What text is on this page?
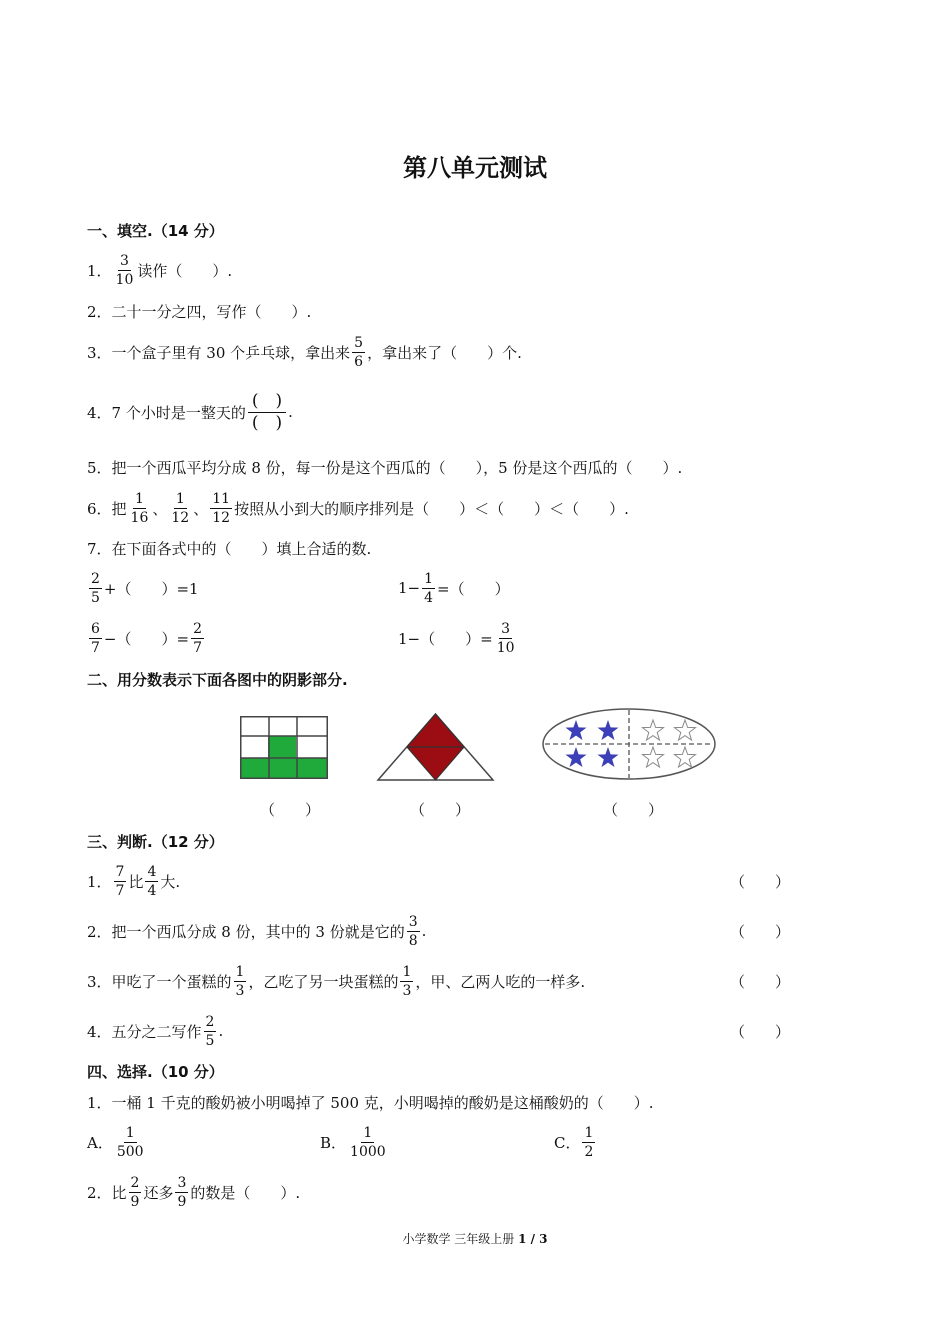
第八单元测试
一、填空.（14 分）
1． $\frac{3}{10}$ 读作（　　）.
2．二十一分之四，写作（　　）.
3．一个盒子里有 30 个乒乓球，拿出来 $\frac{5}{6}$ ，拿出来了（　　）个.
4．7 个小时是一整天的 $\frac{( )}{( )}$ .
5．把一个西瓜平均分成 8 份，每一份是这个西瓜的（　　），5 份是这个西瓜的（　　）.
6．把 $\frac{1}{16}$ 、 $\frac{1}{12}$ 、 $\frac{11}{12}$ 按照从小到大的顺序排列是（　　）＜（　　）＜（　　）.
7．在下面各式中的（　　）填上合适的数.
$\frac{2}{5}$ +（　　）=1	$1- \frac{1}{4}$ =（　　）
$\frac{6}{7}$ −（　　）= $\frac{2}{7}$	1−（　　）= $\frac{3}{10}$
二、用分数表示下面各图中的阴影部分.
（　　）	（　　）	（　　）
三、判断.（12 分）
1． $\frac{7}{7}$ 比 $\frac{4}{4}$ 大.	（　　）
2．把一个西瓜分成 8 份，其中的 3 份就是它的 $\frac{3}{8}$ .	（　　）
3．甲吃了一个蛋糕的 $\frac{1}{3}$ ，乙吃了另一块蛋糕的 $\frac{1}{3}$ ，甲、乙两人吃的一样多.	（　　）
4．五分之二写作 $\frac{2}{5}$ .	（　　）
四、选择.（10 分）
1．一桶 1 千克的酸奶被小明喝掉了 500 克，小明喝掉的酸奶是这桶酸奶的（　　）.
A． $\frac{1}{500}$	B． $\frac{1}{1000}$	C． $\frac{1}{2}$
2．比 $\frac{2}{9}$ 还多 $\frac{3}{9}$ 的数是（　　）.
小学数学 三年级上册 1 / 3
